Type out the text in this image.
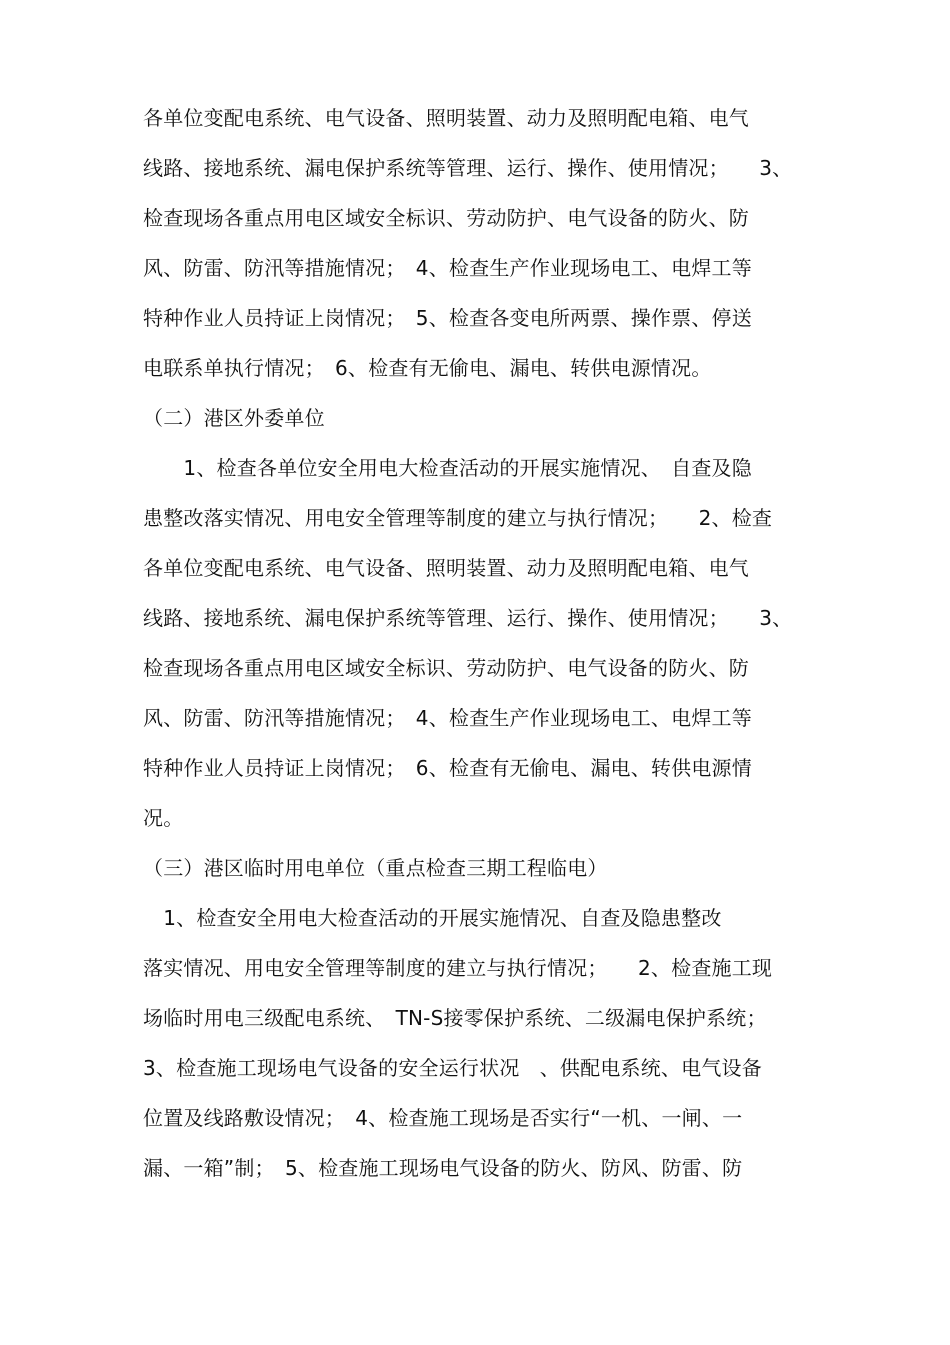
各单位变配电系统、电气设备、照明装置、动力及照明配电箱、电气
线路、接地系统、漏电保护系统等管理、运行、操作、使用情况；　　3、
检查现场各重点用电区域安全标识、劳动防护、电气设备的防火、防
风、防雷、防汛等措施情况；　4、检查生产作业现场电工、电焊工等
特种作业人员持证上岗情况；　5、检查各变电所两票、操作票、停送
电联系单执行情况；　6、检查有无偷电、漏电、转供电源情况。
（二）港区外委单位
　　1、检查各单位安全用电大检查活动的开展实施情况、　自查及隐
患整改落实情况、用电安全管理等制度的建立与执行情况；　　2、检查
各单位变配电系统、电气设备、照明装置、动力及照明配电箱、电气
线路、接地系统、漏电保护系统等管理、运行、操作、使用情况；　　3、
检查现场各重点用电区域安全标识、劳动防护、电气设备的防火、防
风、防雷、防汛等措施情况；　4、检查生产作业现场电工、电焊工等
特种作业人员持证上岗情况；　6、检查有无偷电、漏电、转供电源情
况。
（三）港区临时用电单位（重点检查三期工程临电）
　1、检查安全用电大检查活动的开展实施情况、自查及隐患整改
落实情况、用电安全管理等制度的建立与执行情况；　　2、检查施工现
场临时用电三级配电系统、　TN-S接零保护系统、二级漏电保护系统；
3、检查施工现场电气设备的安全运行状况　、供配电系统、电气设备
位置及线路敷设情况；　4、检查施工现场是否实行“一机、一闸、一
漏、一箱”制；　5、检查施工现场电气设备的防火、防风、防雷、防
